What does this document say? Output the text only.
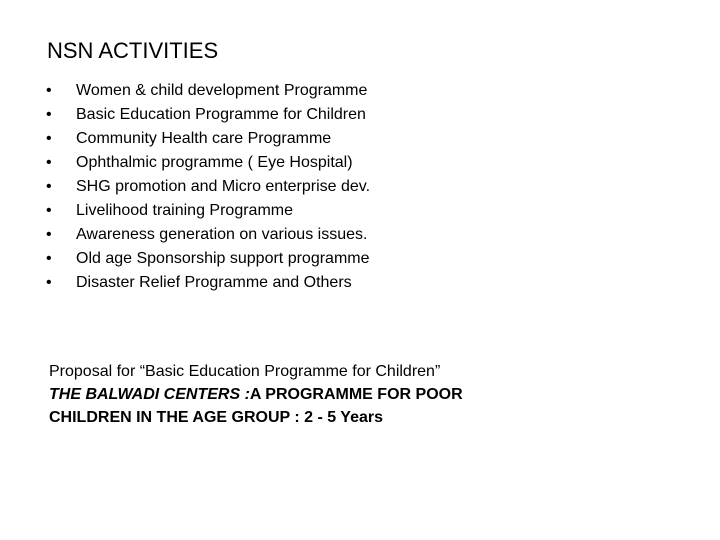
NSN ACTIVITIES
•	Women & child development Programme
•	Basic Education Programme for Children
•	Community Health care Programme
•	Ophthalmic programme ( Eye Hospital)
•	SHG promotion and Micro enterprise dev.
•	Livelihood training Programme
•	Awareness generation on various issues.
•	Old age Sponsorship support programme
•	Disaster Relief Programme and Others
Proposal for “Basic Education Programme for Children”
THE BALWADI CENTERS :A PROGRAMME FOR POOR
CHILDREN IN THE AGE GROUP : 2 - 5 Years
